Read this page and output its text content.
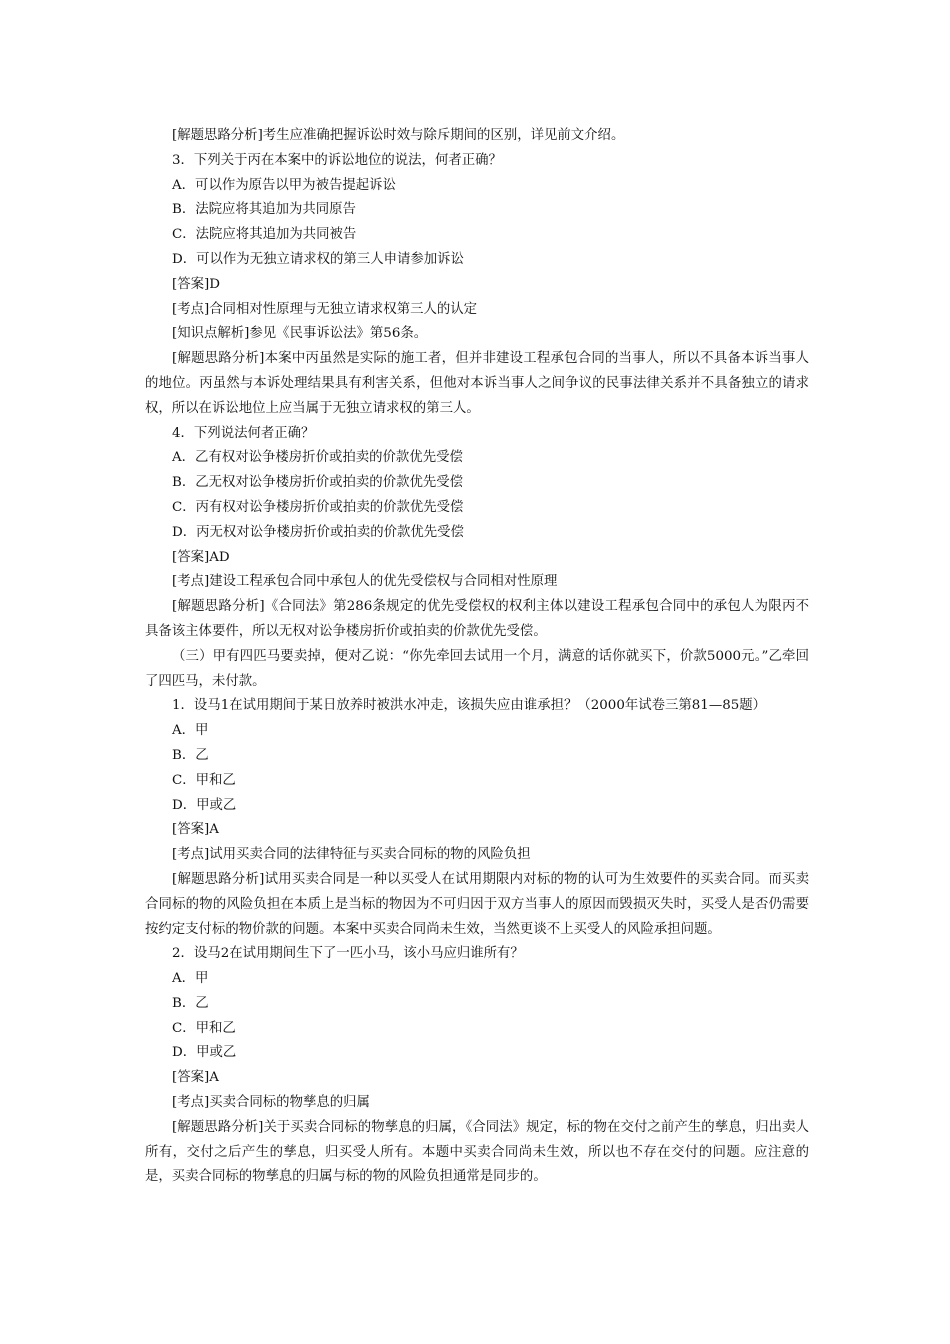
[解题思路分析]考生应准确把握诉讼时效与除斥期间的区别，详见前文介绍。

3．下列关于丙在本案中的诉讼地位的说法，何者正确？

A．可以作为原告以甲为被告提起诉讼

B．法院应将其追加为共同原告

C．法院应将其追加为共同被告

D．可以作为无独立请求权的第三人申请参加诉讼

[答案]D

[考点]合同相对性原理与无独立请求权第三人的认定

[知识点解析]参见《民事诉讼法》第56条。

[解题思路分析]本案中丙虽然是实际的施工者，但并非建设工程承包合同的当事人，所以不具备本诉当事人的地位。丙虽然与本诉处理结果具有利害关系，但他对本诉当事人之间争议的民事法律关系并不具备独立的请求权，所以在诉讼地位上应当属于无独立请求权的第三人。

4．下列说法何者正确？

A．乙有权对讼争楼房折价或拍卖的价款优先受偿

B．乙无权对讼争楼房折价或拍卖的价款优先受偿

C．丙有权对讼争楼房折价或拍卖的价款优先受偿

D．丙无权对讼争楼房折价或拍卖的价款优先受偿

[答案]AD

[考点]建设工程承包合同中承包人的优先受偿权与合同相对性原理

[解题思路分析]《合同法》第286条规定的优先受偿权的权利主体以建设工程承包合同中的承包人为限丙不具备该主体要件，所以无权对讼争楼房折价或拍卖的价款优先受偿。

（三）甲有四匹马要卖掉，便对乙说：“你先牵回去试用一个月，满意的话你就买下，价款5000元。”乙牵回了四匹马，未付款。

1．设马1在试用期间于某日放养时被洪水冲走，该损失应由谁承担？（2000年试卷三第81—85题）

A．甲

B．乙

C．甲和乙

D．甲或乙

[答案]A

[考点]试用买卖合同的法律特征与买卖合同标的物的风险负担

[解题思路分析]试用买卖合同是一种以买受人在试用期限内对标的物的认可为生效要件的买卖合同。而买卖合同标的物的风险负担在本质上是当标的物因为不可归因于双方当事人的原因而毁损灭失时，买受人是否仍需要按约定支付标的物价款的问题。本案中买卖合同尚未生效，当然更谈不上买受人的风险承担问题。

2．设马2在试用期间生下了一匹小马，该小马应归谁所有？

A．甲

B．乙

C．甲和乙

D．甲或乙

[答案]A

[考点]买卖合同标的物孳息的归属

[解题思路分析]关于买卖合同标的物孳息的归属，《合同法》规定，标的物在交付之前产生的孳息，归出卖人所有，交付之后产生的孳息，归买受人所有。本题中买卖合同尚未生效，所以也不存在交付的问题。应注意的是，买卖合同标的物孳息的归属与标的物的风险负担通常是同步的。
